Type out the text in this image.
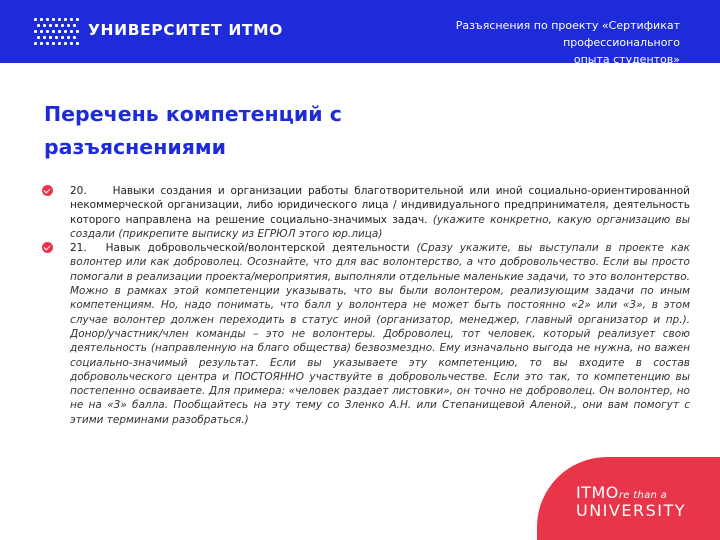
УНИВЕРСИТЕТ ИТМО	Разъяснения по проекту «Сертификат профессионального
опыта студентов»
Перечень компетенций с
разъяснениями
20. Навыки создания и организации работы благотворительной или иной социально-ориентированной некоммерческой организации, либо юридического лица / индивидуального предпринимателя, деятельность которого направлена на решение социально-значимых задач. (укажите конкретно, какую организацию вы создали (прикрепите выписку из ЕГРЮЛ этого юр.лица)
21. Навык добровольческой/волонтерской деятельности (Сразу укажите, вы выступали в проекте как волонтер или как доброволец. Осознайте, что для вас волонтерство, а что добровольчество. Если вы просто помогали в реализации проекта/мероприятия, выполняли отдельные маленькие задачи, то это волонтерство. Можно в рамках этой компетенции указывать, что вы были волонтером, реализующим задачи по иным компетенциям. Но, надо понимать, что балл у волонтера не может быть постоянно «2» или «3», в этом случае волонтер должен переходить в статус иной (организатор, менеджер, главный организатор и пр.). Донор/участник/член команды – это не волонтеры. Доброволец, тот человек, который реализует свою деятельность (направленную на благо общества) безвозмездно. Ему изначально выгода не нужна, но важен социально-значимый результат. Если вы указываете эту компетенцию, то вы входите в состав добровольческого центра и ПОСТОЯННО участвуйте в добровольчестве. Если это так, то компетенцию вы постепенно осваиваете. Для примера: «человек раздает листовки», он точно не доброволец. Он волонтер, но не на «3» балла. Пообщайтесь на эту тему со Зленко А.Н. или Степанищевой Аленой., они вам помогут с этими терминами разобраться.)
ITMOre than a
UNIVERSITY
